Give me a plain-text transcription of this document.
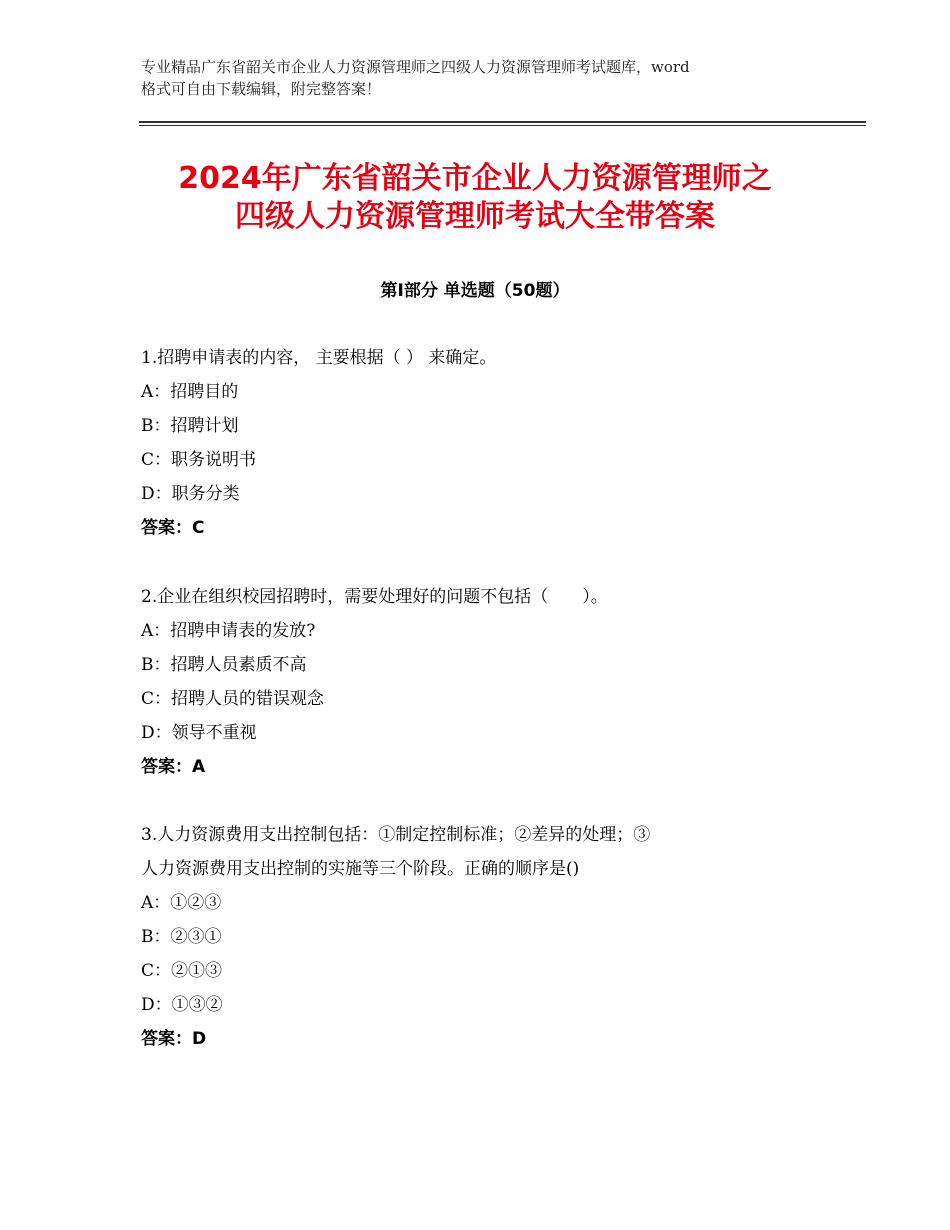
专业精品广东省韶关市企业人力资源管理师之四级人力资源管理师考试题库，word
格式可自由下载编辑，附完整答案！
2024年广东省韶关市企业人力资源管理师之
四级人力资源管理师考试大全带答案
第Ⅰ部分 单选题（50题）
1.招聘申请表的内容， 主要根据（ ） 来确定。
A：招聘目的
B：招聘计划
C：职务说明书
D：职务分类
答案：C
2.企业在组织校园招聘时，需要处理好的问题不包括（　　）。
A：招聘申请表的发放?
B：招聘人员素质不高
C：招聘人员的错误观念
D：领导不重视
答案：A
3.人力资源费用支出控制包括：①制定控制标准；②差异的处理；③
人力资源费用支出控制的实施等三个阶段。正确的顺序是()
A：①②③
B：②③①
C：②①③
D：①③②
答案：D
